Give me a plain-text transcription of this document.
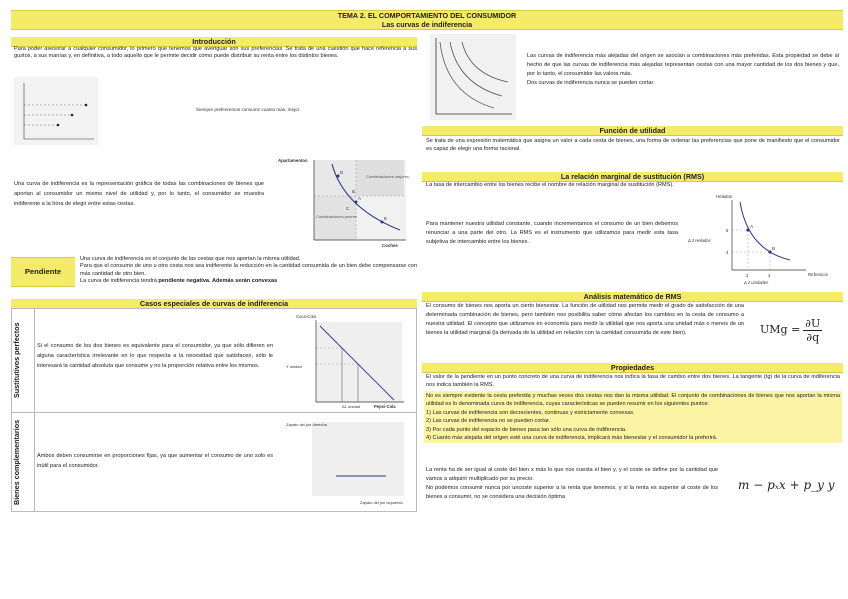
TEMA 2. EL COMPORTAMIENTO DEL CONSUMIDOR
Las curvas de indiferencia
Introducción
Para poder asesorar a cualquier consumidor, lo primero que tenemos que averiguar son sus preferencias. Se trata de una cuestión que hace referencia a sus gustos, a sus manías y, en definitiva, a todo aquello que le permite decidir cómo puede distribuir su renta entre los distintos bienes.
Siempre preferiremos consumir cuanto más, mejor
Una curva de indiferencia es la representación gráfica de todas las combinaciones de bienes que aportan al consumidor un mismo nivel de utilidad y, por lo tanto, el consumidor se muestra indiferente a la hora de elegir entre estas cestas.
D
A
E
B
C
Combinaciones mejores
Combinaciones peores
Apartamentos
Coches
Pendiente
Una curva de indiferencia es el conjunto de las cestas que nos aportan la misma utilidad.
Para que el consumo de uno u otro cesta nos sea indiferente la reducción en la cantidad consumida de un bien debe compensarse con más cantidad de otro bien.
La curva de indiferencia tendrá pendiente negativa. Además serán convexas
Casos especiales de curvas de indiferencia
Sustitutivos perfectos	Si el consumo de los dos bienes es equivalente para el consumidor, ya que sólo difieren en alguna característica irrelevante en lo que respecta a la necesidad que satisfacen, sólo le interesará la cantidad absoluta que consume y no la proporción relativa entre los mismos.
Coca-Cola
Pepsi-Cola
Y unidad
Δ1 unidad
Bienes complementarios	Ambos deben consumirse en proporciones fijas, ya que aumentar el consumo de uno solo es inútil para el consumidor.
Zapato del pie derecho
Zapato del pie izquierdo
Las curvas de indiferencia más alejadas del origen se asocian a combinaciones más preferidas. Esta propiedad se debe al hecho de que las curvas de indiferencia más alejadas representan cestas con una mayor cantidad de los dos bienes y que, por lo tanto, el consumidor las valora más.
Dos curvas de indiferencia nunca se pueden cortar.
Función de utilidad
Se trata de una expresión matemática que asigna un valor a cada cesta de bienes, una forma de ordenar las preferencias que pone de manifiesto que el consumidor es capaz de elegir una forma racional.
La relación marginal de sustitución (RMS)
La tasa de intercambio entre los bienes recibe el nombre de relación marginal de sustitución (RMS).
Para mantener nuestra utilidad constante, cuando incrementamos el consumo de un bien debemos renunciar a una parte del otro. La RMS es el instrumento que utilizamos para medir esta tasa subjetiva de intercambio entre los bienes.
A
B
Helados
Refrescos
6
4
2	4
Δ 2 Helados
Δ 2 unidades
Análisis matemático de RMS
El consumo de bienes nos aporta un cierto bienestar. La función de utilidad nos permite medir el grado de satisfacción de una determinada combinación de bienes, pero también nos posibilita saber cómo afectan los cambios en la cesta de consumo a nuestra utilidad. El concepto que utilizamos en economía para medir la utilidad que nos aporta una unidad más o menos de un bienes la utilidad marginal (la derivada de la utilidad en relación con la cantidad consumida de este bien).	UMg = $\frac{\partial U}{\partial q}$
Propiedades
El valor de la pendiente en un punto concreto de una curva de indiferencia nos indica la tasa de cambio entre dos bienes. La tangente (tg) de la curva de indiferencia nos indica también la RMS.
No es siempre evidente la cesta preferida y muchas veces dos cestas nos dan la misma utilidad. El conjunto de combinaciones de bienes que nos aportan la misma utilidad es lo denominada curva de indiferencia, cuyas características se pueden resumir en los siguientes puntos:
1) Las curvas de indiferencia son decrecientes, continuas y estrictamente convexas.
2) Las curvas de indiferencia no se pueden cortar.
3) Por cada punto del espacio de bienes pasa tan sólo una curva de indiferencia.
4) Cuanto más alejada del origen esté una curva de indiferencia, implicará más bienestar y el consumidor la preferirá.
La renta ha de ser igual al coste del bien x más lo que nos cuesta el bien y, y el coste se define por la cantidad que vamos a adquirir multiplicado por su precio.
No podemos consumir nunca por uncoste superior a la renta que tenemos, y si la renta es superior al coste de los bienes a consumir, no se considera una decisión óptima
m − pₓx + p_y y
